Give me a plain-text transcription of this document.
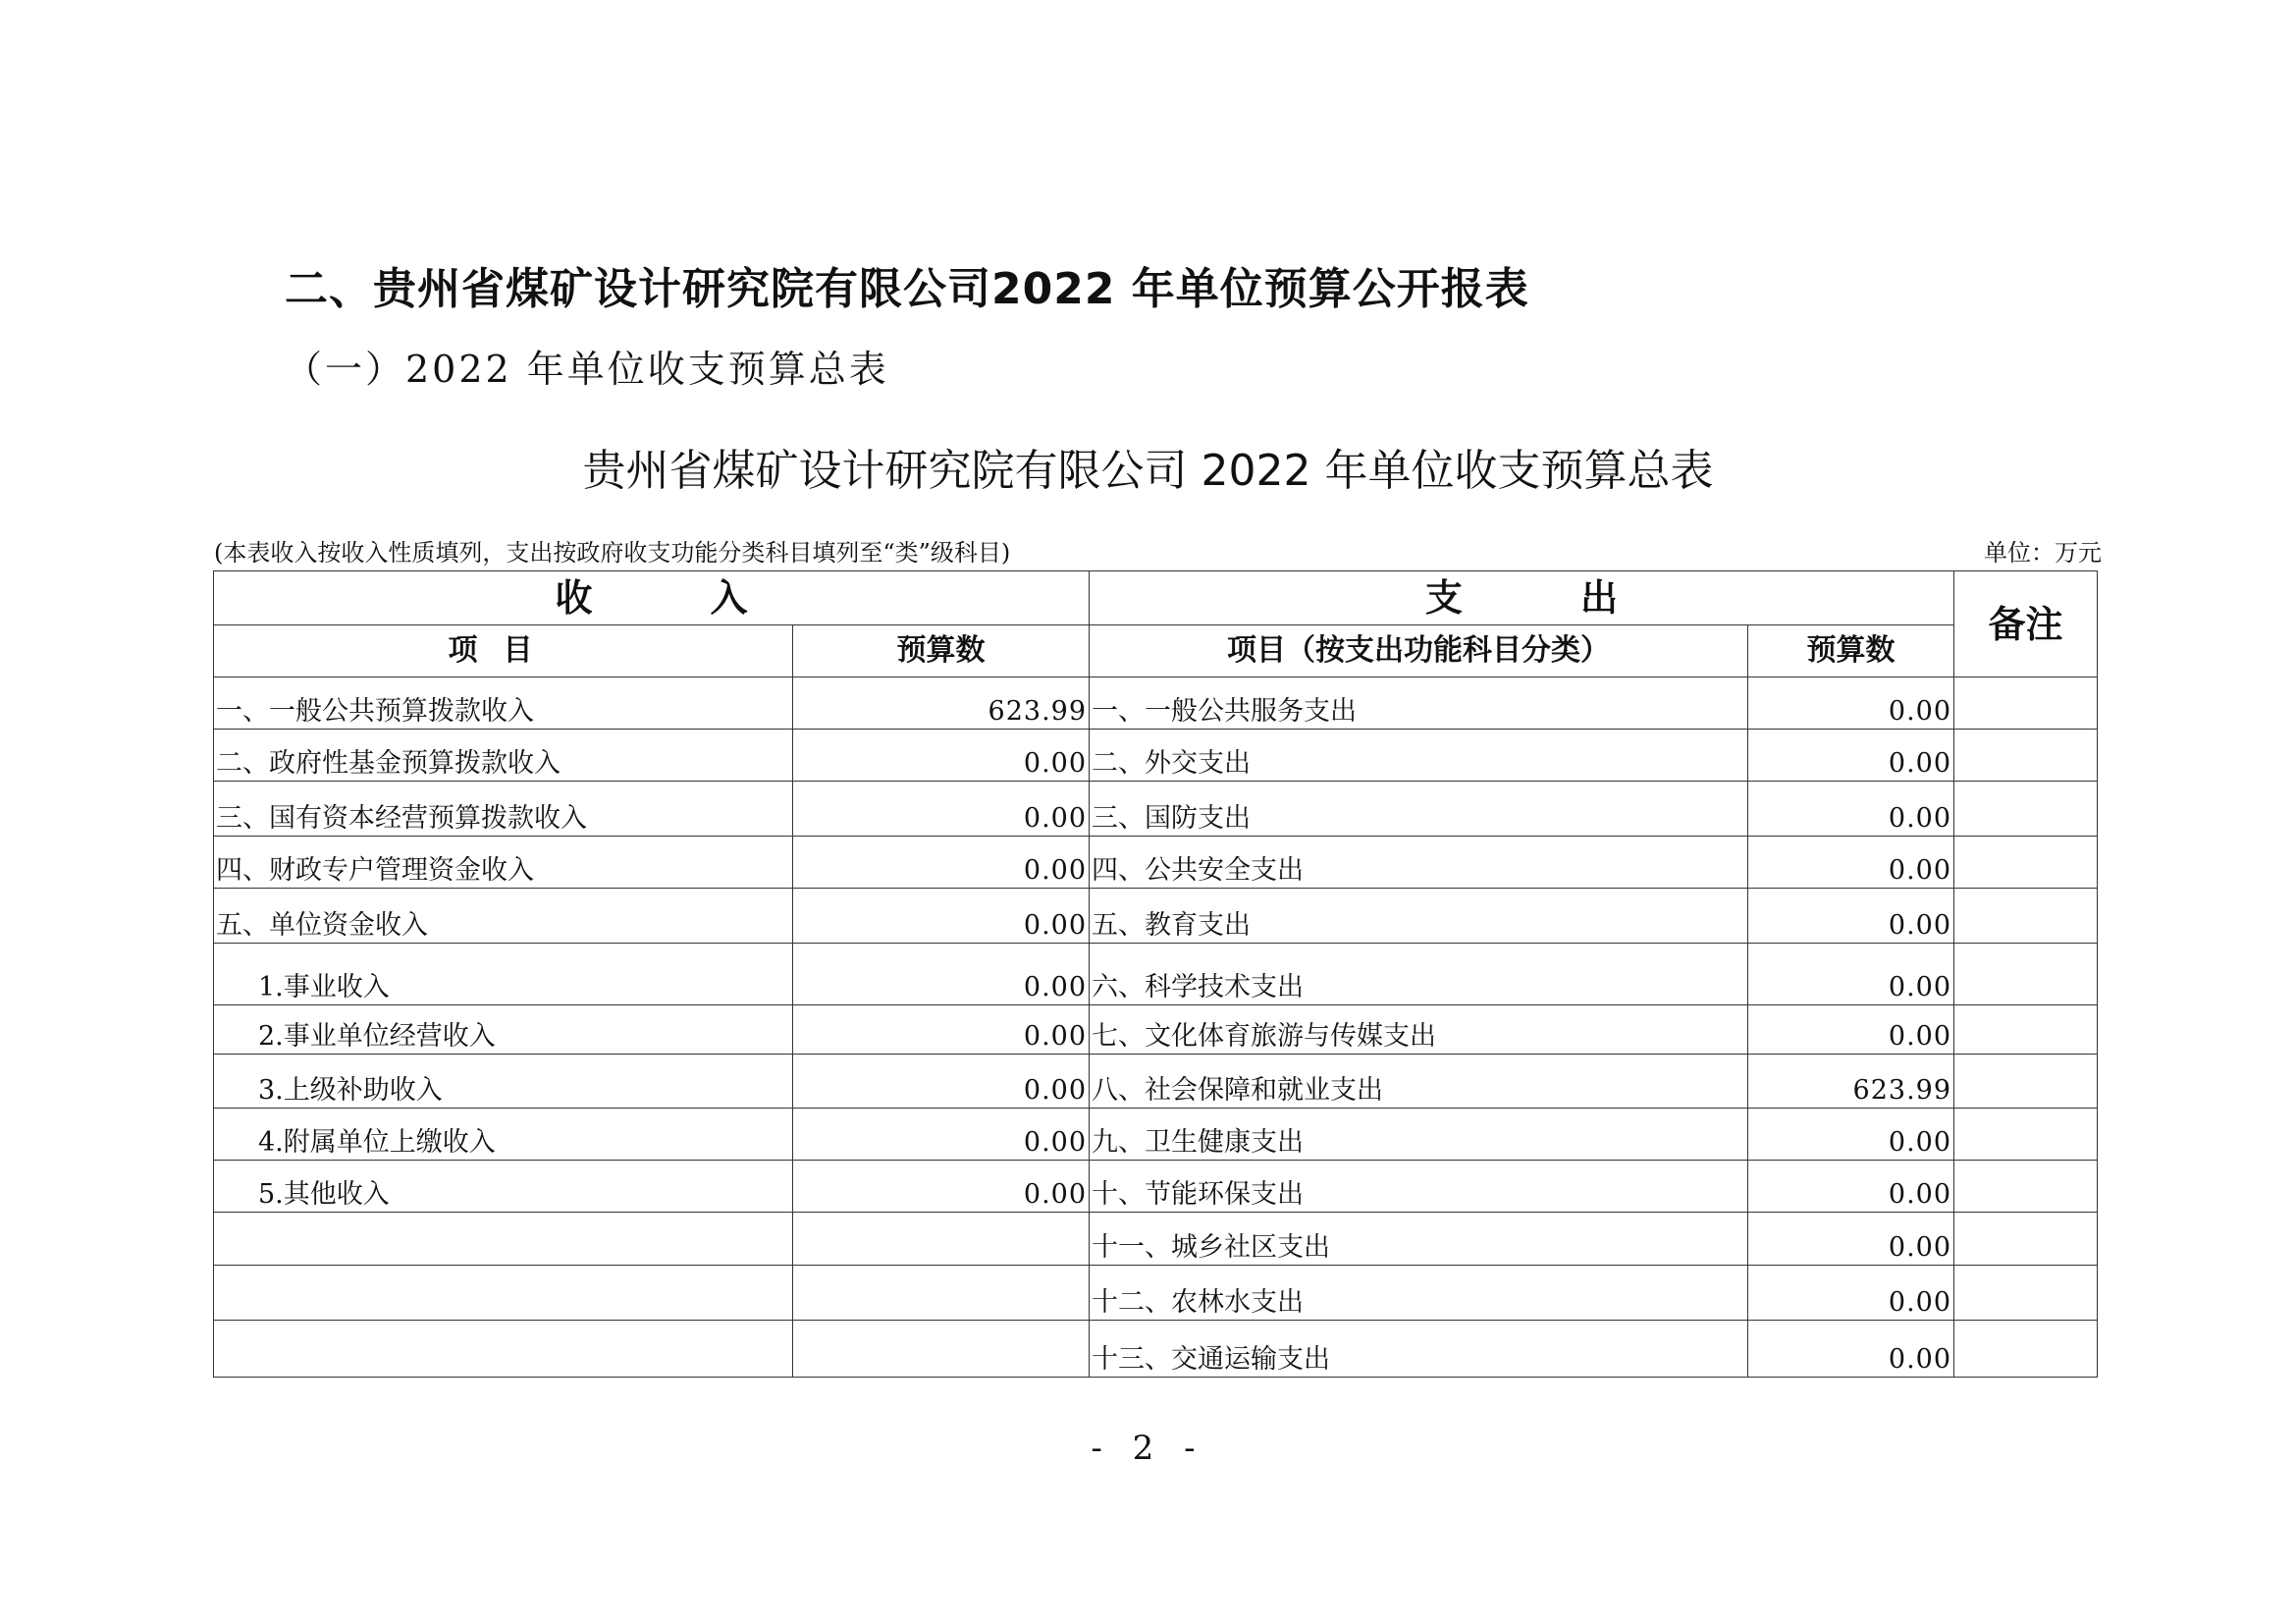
二、贵州省煤矿设计研究院有限公司2022 年单位预算公开报表
（一）2022 年单位收支预算总表
贵州省煤矿设计研究院有限公司 2022 年单位收支预算总表
(本表收入按收入性质填列，支出按政府收支功能分类科目填列至“类”级科目)	单位：万元
收入		支出		备注
项目	预算数	项目（按支出功能科目分类）	预算数	
一、一般公共预算拨款收入	623.99	一、一般公共服务支出	0.00	
二、政府性基金预算拨款收入	0.00	二、外交支出	0.00	
三、国有资本经营预算拨款收入	0.00	三、国防支出	0.00	
四、财政专户管理资金收入	0.00	四、公共安全支出	0.00	
五、单位资金收入	0.00	五、教育支出	0.00	
1.事业收入	0.00	六、科学技术支出	0.00	
2.事业单位经营收入	0.00	七、文化体育旅游与传媒支出	0.00	
3.上级补助收入	0.00	八、社会保障和就业支出	623.99	
4.附属单位上缴收入	0.00	九、卫生健康支出	0.00	
5.其他收入	0.00	十、节能环保支出	0.00	
		十一、城乡社区支出	0.00	
		十二、农林水支出	0.00	
		十三、交通运输支出	0.00	
- 2 -
